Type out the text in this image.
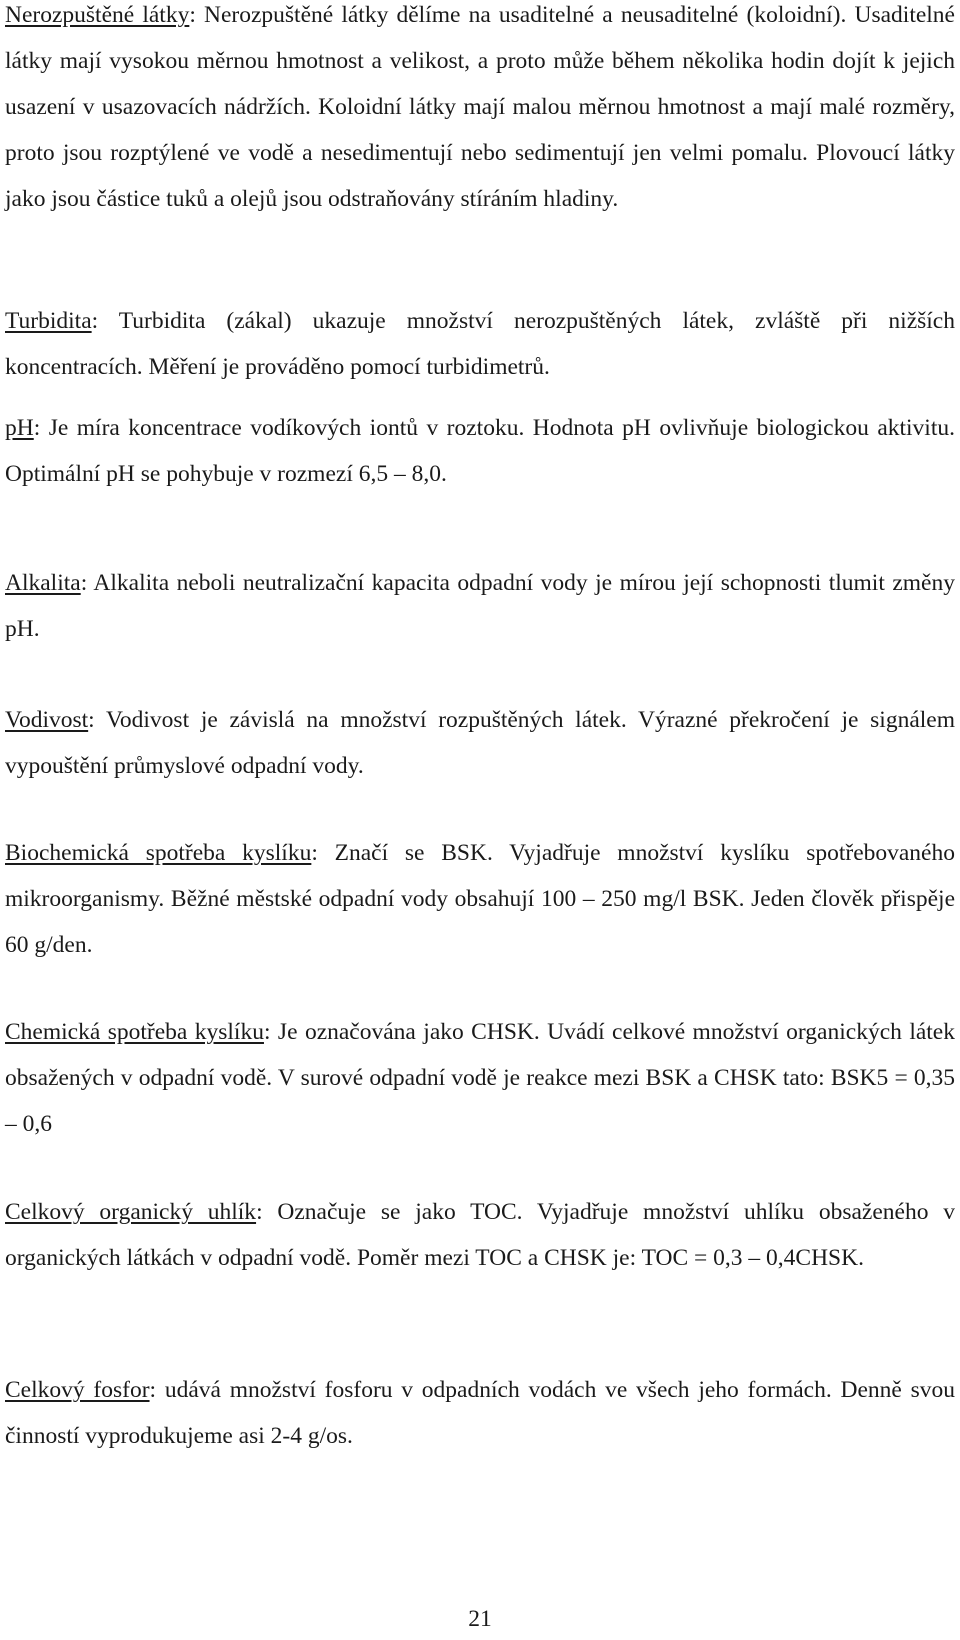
Nerozpuštěné látky: Nerozpuštěné látky dělíme na usaditelné a neusaditelné (koloidní). Usaditelné látky mají vysokou měrnou hmotnost a velikost, a proto může během několika hodin dojít k jejich usazení v usazovacích nádržích. Koloidní látky mají malou měrnou hmotnost a mají malé rozměry, proto jsou rozptýlené ve vodě a nesedimentují nebo sedimentují jen velmi pomalu. Plovoucí látky jako jsou částice tuků a olejů jsou odstraňovány stíráním hladiny.

Turbidita: Turbidita (zákal) ukazuje množství nerozpuštěných látek, zvláště při nižších koncentracích. Měření je prováděno pomocí turbidimetrů.

pH: Je míra koncentrace vodíkových iontů v roztoku. Hodnota pH ovlivňuje biologickou aktivitu. Optimální pH se pohybuje v rozmezí 6,5 – 8,0.

Alkalita: Alkalita neboli neutralizační kapacita odpadní vody je mírou její schopnosti tlumit změny pH.

Vodivost: Vodivost je závislá na množství rozpuštěných látek. Výrazné překročení je signálem vypouštění průmyslové odpadní vody.

Biochemická spotřeba kyslíku: Značí se BSK. Vyjadřuje množství kyslíku spotřebovaného mikroorganismy. Běžné městské odpadní vody obsahují 100 – 250 mg/l BSK. Jeden člověk přispěje 60 g/den.

Chemická spotřeba kyslíku: Je označována jako CHSK. Uvádí celkové množství organických látek obsažených v odpadní vodě. V surové odpadní vodě je reakce mezi BSK a CHSK tato: BSK5 = 0,35 – 0,6

Celkový organický uhlík: Označuje se jako TOC. Vyjadřuje množství uhlíku obsaženého v organických látkách v odpadní vodě. Poměr mezi TOC a CHSK je: TOC = 0,3 – 0,4CHSK.

Celkový fosfor: udává množství fosforu v odpadních vodách ve všech jeho formách. Denně svou činností vyprodukujeme asi 2-4 g/os.

21
